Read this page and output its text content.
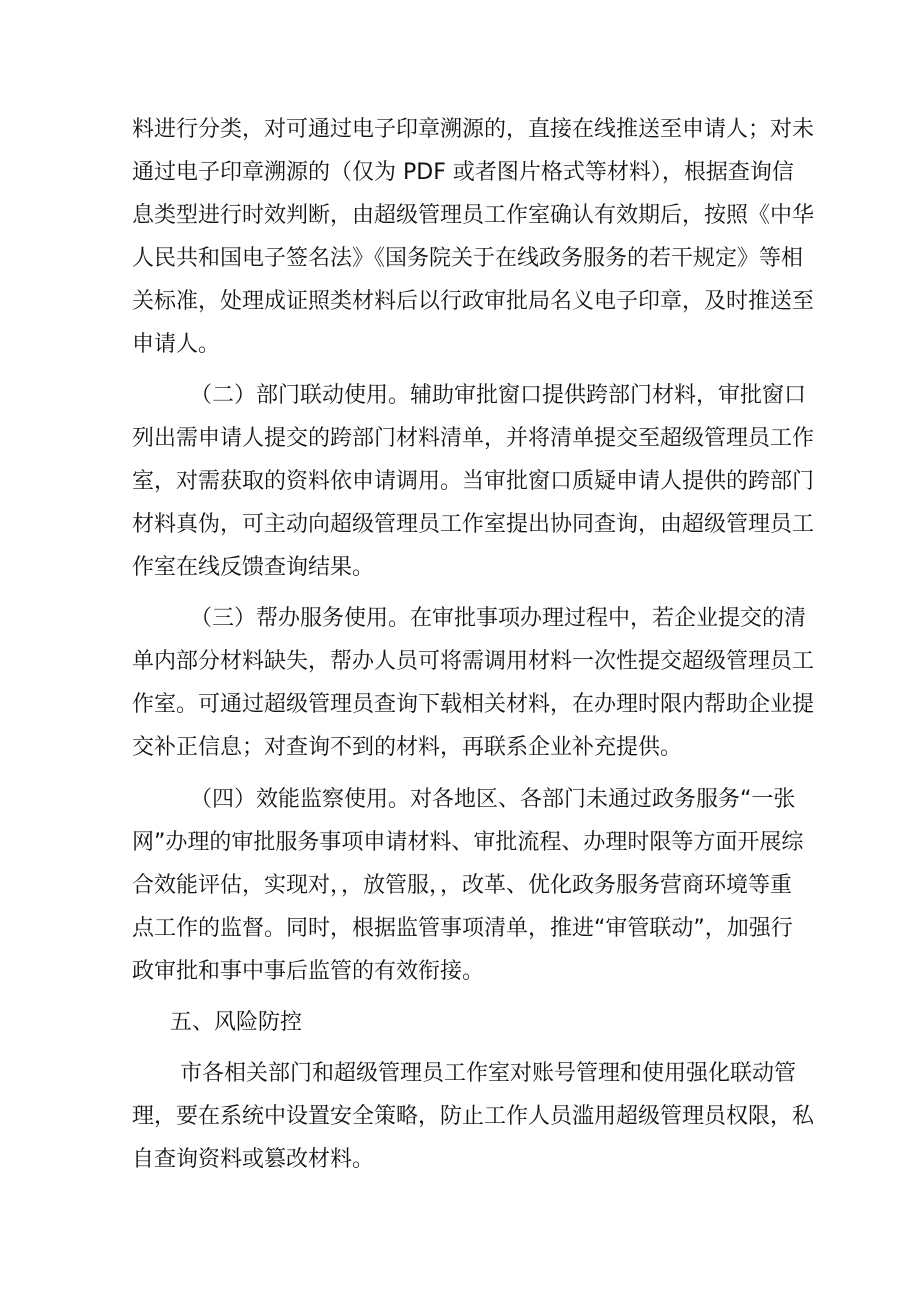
料进行分类，对可通过电子印章溯源的，直接在线推送至申请人；对未
通过电子印章溯源的（仅为 PDF 或者图片格式等材料），根据查询信
息类型进行时效判断，由超级管理员工作室确认有效期后，按照《中华
人民共和国电子签名法》《国务院关于在线政务服务的若干规定》等相
关标准，处理成证照类材料后以行政审批局名义电子印章，及时推送至
申请人。
（二）部门联动使用。辅助审批窗口提供跨部门材料，审批窗口
列出需申请人提交的跨部门材料清单，并将清单提交至超级管理员工作
室，对需获取的资料依申请调用。当审批窗口质疑申请人提供的跨部门
材料真伪，可主动向超级管理员工作室提出协同查询，由超级管理员工
作室在线反馈查询结果。
（三）帮办服务使用。在审批事项办理过程中，若企业提交的清
单内部分材料缺失，帮办人员可将需调用材料一次性提交超级管理员工
作室。可通过超级管理员查询下载相关材料，在办理时限内帮助企业提
交补正信息；对查询不到的材料，再联系企业补充提供。
（四）效能监察使用。对各地区、各部门未通过政务服务“一张
网”办理的审批服务事项申请材料、审批流程、办理时限等方面开展综
合效能评估，实现对，，放管服，，改革、优化政务服务营商环境等重
点工作的监督。同时，根据监管事项清单，推进“审管联动”，加强行
政审批和事中事后监管的有效衔接。
五、风险防控
市各相关部门和超级管理员工作室对账号管理和使用强化联动管
理，要在系统中设置安全策略，防止工作人员滥用超级管理员权限，私
自查询资料或篡改材料。
